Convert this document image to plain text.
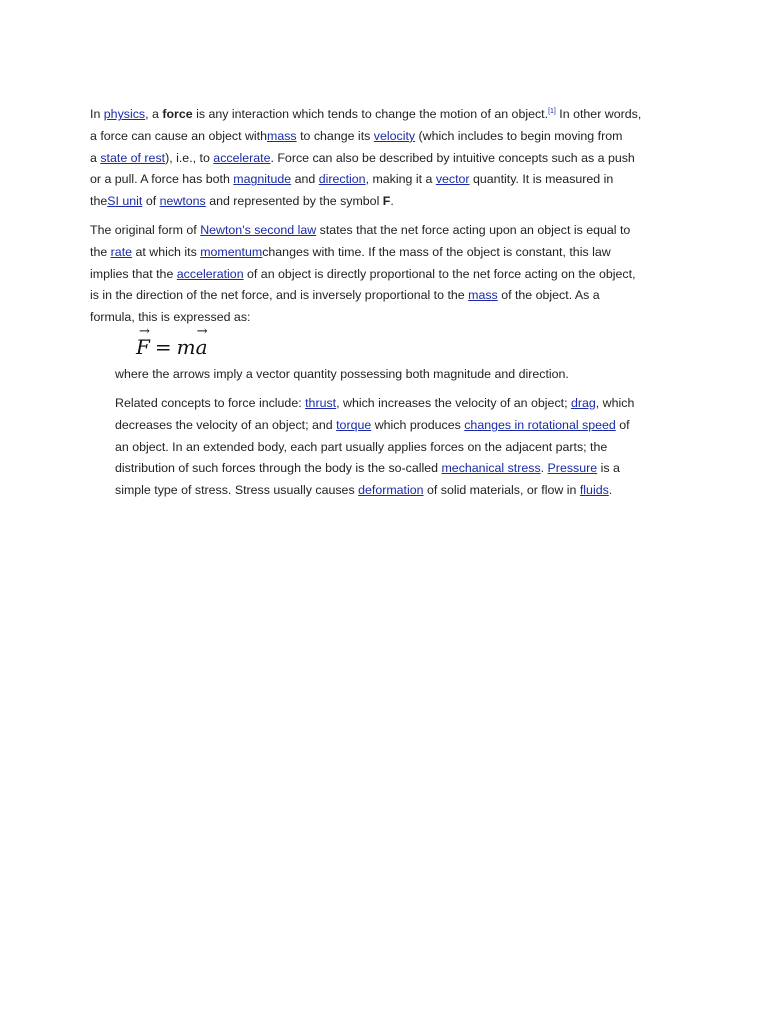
In physics, a force is any interaction which tends to change the motion of an object.[1] In other words,
a force can cause an object withmass to change its velocity (which includes to begin moving from
a state of rest), i.e., to accelerate. Force can also be described by intuitive concepts such as a push
or a pull. A force has both magnitude and direction, making it a vector quantity. It is measured in
theSI unit of newtons and represented by the symbol F.

The original form of Newton's second law states that the net force acting upon an object is equal to
the rate at which its momentumchanges with time. If the mass of the object is constant, this law
implies that the acceleration of an object is directly proportional to the net force acting on the object,
is in the direction of the net force, and is inversely proportional to the mass of the object. As a
formula, this is expressed as:

→
F = m
→
a

where the arrows imply a vector quantity possessing both magnitude and direction.

Related concepts to force include: thrust, which increases the velocity of an object; drag, which
decreases the velocity of an object; and torque which produces changes in rotational speed of
an object. In an extended body, each part usually applies forces on the adjacent parts; the
distribution of such forces through the body is the so-called mechanical stress. Pressure is a
simple type of stress. Stress usually causes deformation of solid materials, or flow in fluids.
